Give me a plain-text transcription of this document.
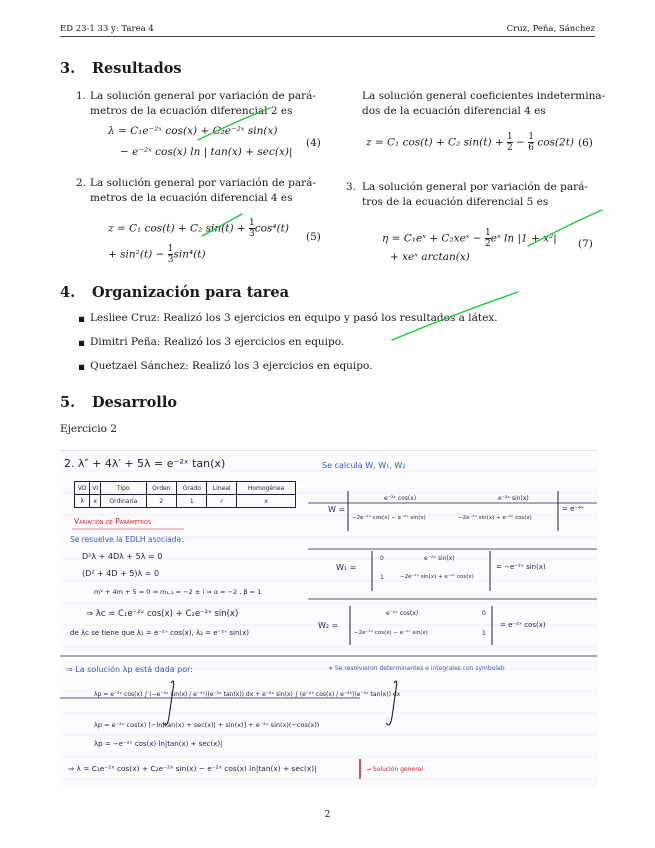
ED 23-1 33 y: Tarea 4	Cruz, Peña, Sánchez
3. Resultados
1. La solución general por variación de pará-
metros de la ecuación diferencial 2 es
λ = C₁e⁻²ˣ cos(x) + C₂e⁻²ˣ sin(x)
− e⁻²ˣ cos(x) ln | tan(x) + sec(x)|
(4)
2. La solución general por variación de pará-
metros de la ecuación diferencial 4 es
z = C₁ cos(t) + C₂ $\sin(t) + \frac{1}{3} \cos^4(t)$
+ $\sin^2(t) - \frac{1}{3} \sin^4(t)$
(5)
La solución general coeficientes indetermina-
dos de la ecuación diferencial 4 es
z = C₁ cos(t) + C₂ $\sin(t) + \frac{1}{2} - \frac{1}{6} \cos(2t)$ (6)
3. La solución general por variación de pará-
tros de la ecuación diferencial 5 es
η = C₁eˣ + C₂xeˣ − $\frac{1}{2}$ eˣ ln |1 + x²|
+ xeˣ arctan(x)
(7)
4. Organización para tarea
▪ Lesliee Cruz: Realizó los 3 ejercicios en equipo y pasó los resultados a látex.
▪ Dimitri Peña: Realizó los 3 ejercicios en equipo.
▪ Quetzael Sánchez: Realizó los 3 ejercicios en equipo.
5. Desarrollo
Ejercicio 2
2. λ″ + 4λ′ + 5λ = e⁻²ˣ tan(x)
VD	VI	Tipo	Orden	Grado	Lineal	Homogénea
λ	x	Ordinaria	2	1	✓	x
Variación de Parámetros
Se resuelve la EDLH asociada:
D²λ + 4Dλ + 5λ = 0
(D² + 4D + 5)λ = 0
m² + 4m + 5 = 0 ⇒ m₁,₂ = −2 ± i ⇒ α = −2 , β = 1
⇒ λc = C₁e⁻²ˣ cos(x) + C₂e⁻²ˣ sin(x)
de λc se tiene que λ₁ = e⁻²ˣ cos(x), λ₂ = e⁻²ˣ sin(x)
Se calcula W, W₁, W₂
W =
e⁻²ˣ cos(x)	e⁻²ˣ sin(x)
−2e⁻²ˣ cos(x) − e⁻²ˣ sin(x)	−2e⁻²ˣ sin(x) + e⁻²ˣ cos(x)
= e⁻⁴ˣ
W₁ =
0	e⁻²ˣ sin(x)
1	−2e⁻²ˣ sin(x) + e⁻²ˣ cos(x)
= −e⁻²ˣ sin(x)
W₂ =
e⁻²ˣ cos(x)	0
−2e⁻²ˣ cos(x) − e⁻²ˣ sin(x)	1
= e⁻²ˣ cos(x)
⇒ La solución λp está dada por:	∗ Se resolvieron determinantes e integrales con symbolab
λp = e⁻²ˣ cos(x) ∫ (−e⁻²ˣ sin(x) / e⁻⁴ˣ)(e⁻²ˣ tan(x)) dx + e⁻²ˣ sin(x) ∫ (e⁻²ˣ cos(x) / e⁻⁴ˣ)(e⁻²ˣ tan(x)) dx
λp = e⁻²ˣ cos(x) [−ln|tan(x) + sec(x)| + sin(x)] + e⁻²ˣ sin(x)(−cos(x))
λp = −e⁻²ˣ cos(x) ln|tan(x) + sec(x)|
⇒ λ = C₁e⁻²ˣ cos(x) + C₂e⁻²ˣ sin(x) − e⁻²ˣ cos(x) ln|tan(x) + sec(x)|	→ Solución general
2
